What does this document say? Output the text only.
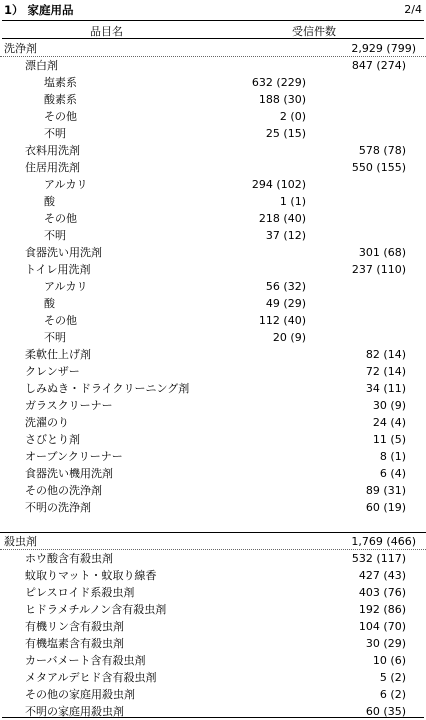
1） 家庭用品	2/4
品目名	受信件数
洗浄剤	2,929 (799)
漂白剤	847 (274)
塩素系	632 (229)
酸素系	188 (30)
その他	2 (0)
不明	25 (15)
衣料用洗剤	578 (78)
住居用洗剤	550 (155)
アルカリ	294 (102)
酸	1 (1)
その他	218 (40)
不明	37 (12)
食器洗い用洗剤	301 (68)
トイレ用洗剤	237 (110)
アルカリ	56 (32)
酸	49 (29)
その他	112 (40)
不明	20 (9)
柔軟仕上げ剤	82 (14)
クレンザー	72 (14)
しみぬき・ドライクリーニング剤	34 (11)
ガラスクリーナー	30 (9)
洗濯のり	24 (4)
さびとり剤	11 (5)
オーブンクリーナー	8 (1)
食器洗い機用洗剤	6 (4)
その他の洗浄剤	89 (31)
不明の洗浄剤	60 (19)
殺虫剤	1,769 (466)
ホウ酸含有殺虫剤	532 (117)
蚊取りマット・蚊取り線香	427 (43)
ピレスロイド系殺虫剤	403 (76)
ヒドラメチルノン含有殺虫剤	192 (86)
有機リン含有殺虫剤	104 (70)
有機塩素含有殺虫剤	30 (29)
カーバメート含有殺虫剤	10 (6)
メタアルデヒド含有殺虫剤	5 (2)
その他の家庭用殺虫剤	6 (2)
不明の家庭用殺虫剤	60 (35)
